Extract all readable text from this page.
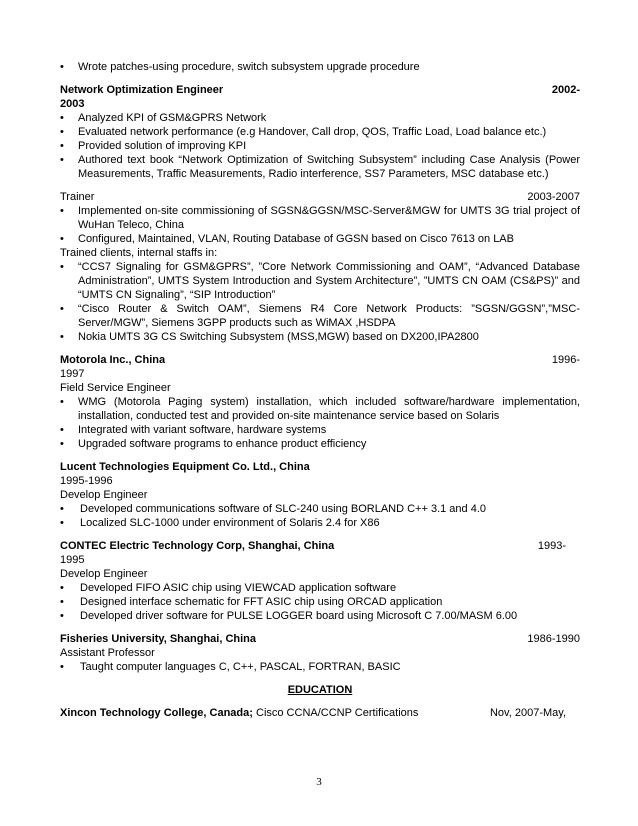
• Wrote patches-using procedure, switch subsystem upgrade procedure
Network Optimization Engineer	2002-
2003
• Analyzed KPI of GSM&GPRS Network
• Evaluated network performance (e.g Handover, Call drop, QOS, Traffic Load, Load balance etc.)
• Provided solution of improving KPI
• Authored text book “Network Optimization of Switching Subsystem” including Case Analysis (Power Measurements, Traffic Measurements, Radio interference, SS7 Parameters, MSC database etc.)
Trainer	2003-2007
• Implemented on-site commissioning of SGSN&GGSN/MSC-Server&MGW for UMTS 3G trial project of WuHan Teleco, China
• Configured, Maintained, VLAN, Routing Database of GGSN based on Cisco 7613 on LAB
Trained clients, internal staffs in:
• “CCS7 Signaling for GSM&GPRS”, ”Core Network Commissioning and OAM”, “Advanced Database Administration”, UMTS System Introduction and System Architecture”, ”UMTS CN OAM (CS&PS)” and “UMTS CN Signaling”, “SIP Introduction”
• “Cisco Router & Switch OAM”, Siemens R4 Core Network Products: ”SGSN/GGSN”,”MSC-Server/MGW”, Siemens 3GPP products such as WiMAX ,HSDPA
• Nokia UMTS 3G CS Switching Subsystem (MSS,MGW) based on DX200,IPA2800
Motorola Inc., China	1996-
1997
Field Service Engineer
• WMG (Motorola Paging system) installation, which included software/hardware implementation, installation, conducted test and provided on-site maintenance service based on Solaris
• Integrated with variant software, hardware systems
• Upgraded software programs to enhance product efficiency
Lucent Technologies Equipment Co. Ltd., China
1995-1996
Develop Engineer
• Developed communications software of SLC-240 using BORLAND C++ 3.1 and 4.0
• Localized SLC-1000 under environment of Solaris 2.4 for X86
CONTEC Electric Technology Corp, Shanghai, China	1993-
1995
Develop Engineer
• Developed FIFO ASIC chip using VIEWCAD application software
• Designed interface schematic for FFT ASIC chip using ORCAD application
• Developed driver software for PULSE LOGGER board using Microsoft C 7.00/MASM 6.00
Fisheries University, Shanghai, China	1986-1990
Assistant Professor
• Taught computer languages C, C++, PASCAL, FORTRAN, BASIC
EDUCATION
Xincon Technology College, Canada; Cisco CCNA/CCNP Certifications	Nov, 2007-May,
3
